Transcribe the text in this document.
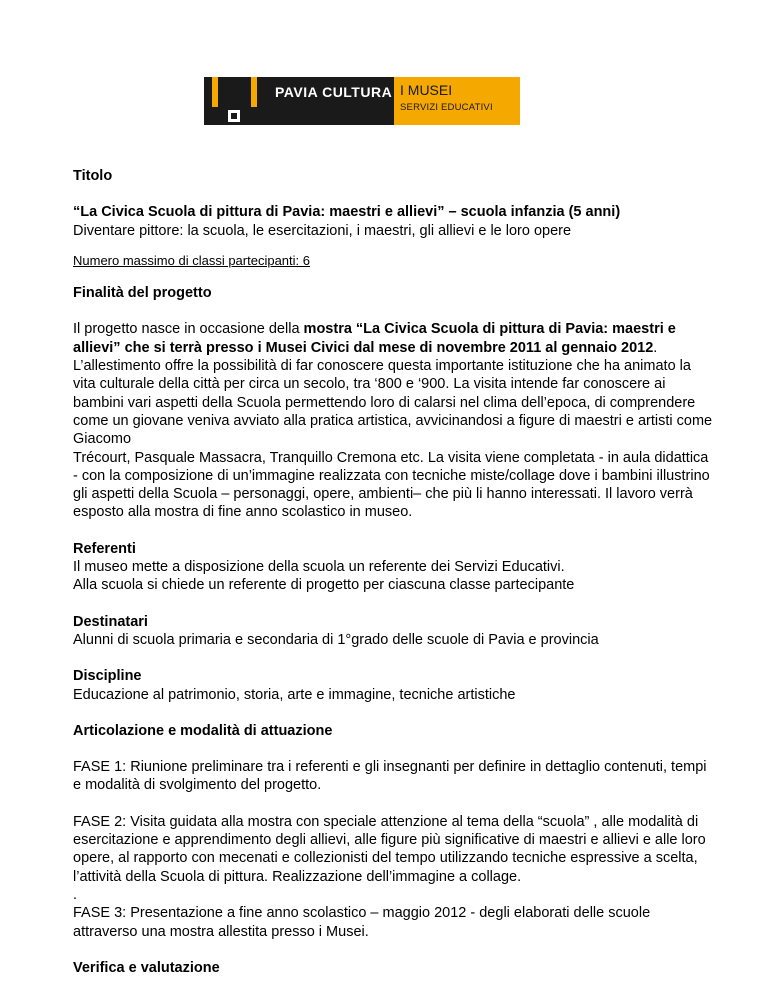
PAVIA CULTURA I MUSEI
SERVIZI EDUCATIVI

Titolo

“La Civica Scuola di pittura di Pavia: maestri e allievi” – scuola infanzia (5 anni)

Diventare pittore: la scuola, le esercitazioni, i maestri, gli allievi e le loro opere

Numero massimo di classi partecipanti: 6

Finalità del progetto

Il progetto nasce in occasione della mostra “La Civica Scuola di pittura di Pavia: maestri e allievi” che si terrà presso i Musei Civici dal mese di novembre 2011 al gennaio 2012. L’allestimento offre la possibilità di far conoscere questa importante istituzione che ha animato la vita culturale della città per circa un secolo, tra ‘800 e ‘900. La visita intende far conoscere ai bambini vari aspetti della Scuola permettendo loro di calarsi nel clima dell’epoca, di comprendere come un giovane veniva avviato alla pratica artistica, avvicinandosi a figure di maestri e artisti come Giacomo

Trécourt, Pasquale Massacra, Tranquillo Cremona etc. La visita viene completata - in aula didattica - con la composizione di un’immagine realizzata con tecniche miste/collage dove i bambini illustrino gli aspetti della Scuola – personaggi, opere, ambienti– che più li hanno interessati. Il lavoro verrà esposto alla mostra di fine anno scolastico in museo.

Referenti

Il museo mette a disposizione della scuola un referente dei Servizi Educativi.

Alla scuola si chiede un referente di progetto per ciascuna classe partecipante

Destinatari

Alunni di scuola primaria e secondaria di 1°grado delle scuole di Pavia e provincia

Discipline

Educazione al patrimonio, storia, arte e immagine, tecniche artistiche

Articolazione e modalità di attuazione

FASE 1: Riunione preliminare tra i referenti e gli insegnanti per definire in dettaglio contenuti, tempi e modalità di svolgimento del progetto.

FASE 2: Visita guidata alla mostra con speciale attenzione al tema della “scuola” , alle modalità di esercitazione e apprendimento degli allievi, alle figure più significative di maestri e allievi e alle loro opere, al rapporto con mecenati e collezionisti del tempo utilizzando tecniche espressive a scelta, l’attività della Scuola di pittura. Realizzazione dell’immagine a collage.

.

FASE 3: Presentazione a fine anno scolastico – maggio 2012 - degli elaborati delle scuole attraverso una mostra allestita presso i Musei.

Verifica e valutazione
